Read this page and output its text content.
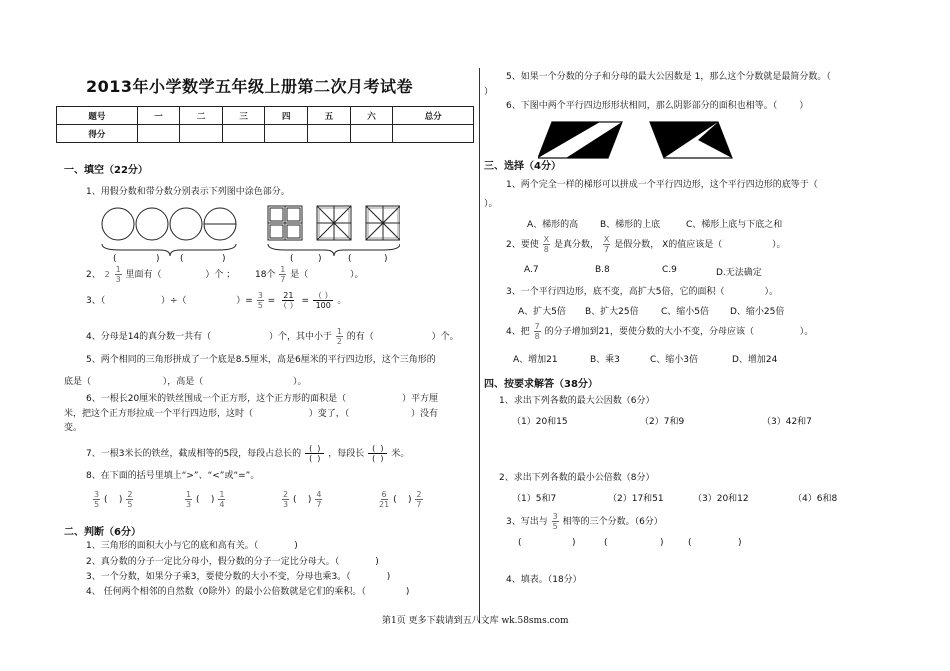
2013年小学数学五年级上册第二次月考试卷
题号	一	二	三	四	五	六	总分
得分							
一、填空（22分）
1、用假分数和带分数分别表示下列图中涂色部分。
(	) (	)	(	)	(	)
2、 2
$\frac{1}{3}$ 里面有（	）个 ； 18个 $\frac{1}{7}$ 是（	）。
3、（	）÷（	）= $\frac{3}{5} = \frac{21}{( )} = \frac{( )}{100}$ 。
4、分母是14的真分数一共有（	）个，其中小于 $\frac{1}{2}$ 的有（	）个。
5、两个相同的三角形拼成了一个底是8.5厘米，高是6厘米的平行四边形，这个三角形的
底是（	），高是（	）。
6、一根长20厘米的铁丝围成一个正方形，这个正方形的面积是（	）平方厘
米，把这个正方形拉成一个平行四边形，这时（	）变了，（	）没有
变。
7、一根3米长的铁丝，截成相等的5段，每段占总长的 $\frac{( )}{( )}$ ，每段长 $\frac{( )}{( )}$ 米。
8、在下面的括号里填上“>”、“<”或“=”。
$\frac{3}{5}$ (    ) $\frac{2}{5}$	$\frac{1}{3}$ (    ) $\frac{1}{4}$	$\frac{2}{3}$ (    ) $\frac{4}{7}$	$\frac{6}{21}$ (    ) $\frac{2}{7}$
二、判断（6分）
1、三角形的面积大小与它的底和高有关。（	)
2、真分数的分子一定比分母小，假分数的分子一定比分母大。（	)
3、一个分数，如果分子乘3，要使分数的大小不变，分母也乘3。（	)
4、 任何两个相邻的自然数（0除外）的最小公倍数就是它们的乘积。（	)
5、如果一个分数的分子和分母的最大公因数是 1，那么这个分数就是最简分数。（
）
6、下图中两个平行四边形形状相同，那么阴影部分的面积也相等。（ ）
三、选择（4分）
1、两个完全一样的梯形可以拼成一个平行四边形，这个平行四边形的底等于（
）。
A、梯形的高 B、梯形的上底	C、梯形上底与下底之和
2、要使 $\frac{X}{8}$ 是真分数， $\frac{X}{7}$ 是假分数， X的值应该是（	）。
A.7	B.8	C.9	D.无法确定
3、一个平行四边形，底不变，高扩大5倍，它的面积（	）。
A、扩大5倍 B、扩大25倍 C、缩小5倍 D、缩小25倍
4、把 $\frac{7}{8}$ 的分子增加到21，要使分数的大小不变，分母应该（	）。
A、增加21	B、乘3	C、缩小3倍	D、增加24
四、按要求解答（38分）
1、求出下列各数的最大公因数（6分）
（1）20和15	（2）7和9	（3）42和7
2、求出下列各数的最小公倍数（8分）
（1）5和7	（2）17和51	（3）20和12	（4）6和8
3、写出与 $\frac{3}{5}$ 相等的三个分数。（6分）
(	)	(	)	(	)
4、填表。（18分）
第1页 更多下载请到五八文库 wk.58sms.com
